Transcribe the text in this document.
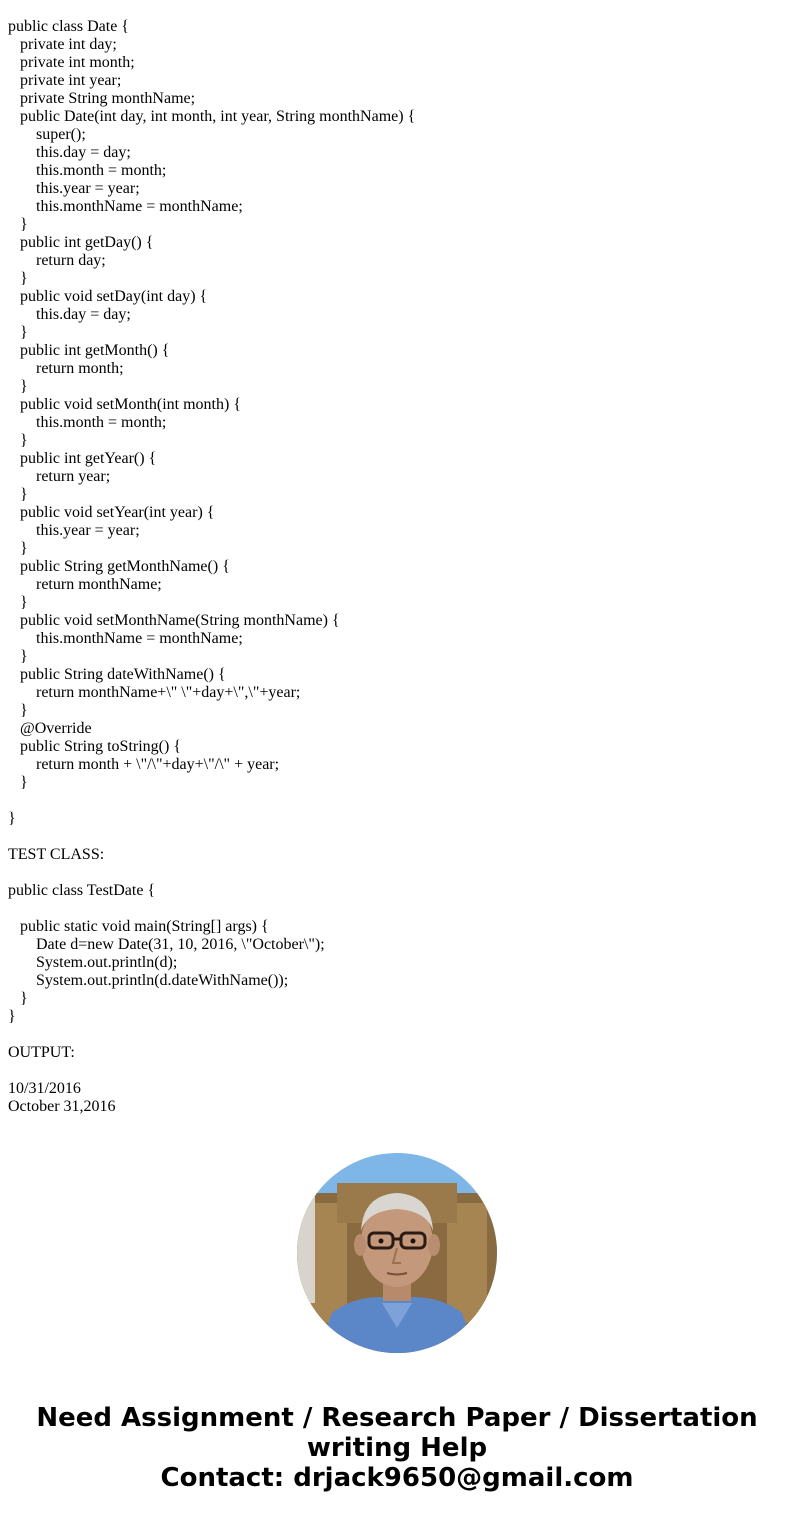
public class Date {
private int day;
private int month;
private int year;
private String monthName;
public Date(int day, int month, int year, String monthName) {
super();
this.day = day;
this.month = month;
this.year = year;
this.monthName = monthName;
}
public int getDay() {
return day;
}
public void setDay(int day) {
this.day = day;
}
public int getMonth() {
return month;
}
public void setMonth(int month) {
this.month = month;
}
public int getYear() {
return year;
}
public void setYear(int year) {
this.year = year;
}
public String getMonthName() {
return monthName;
}
public void setMonthName(String monthName) {
this.monthName = monthName;
}
public String dateWithName() {
return monthName+\" \"+day+\",\"+year;
}
@Override
public String toString() {
return month + \"/\"+day+\"/\" + year;
}
}
TEST CLASS:
public class TestDate {
public static void main(String[] args) {
Date d=new Date(31, 10, 2016, \"October\");
System.out.println(d);
System.out.println(d.dateWithName());
}
}
OUTPUT:
10/31/2016
October 31,2016
Need Assignment / Research Paper / Dissertation
writing Help
Contact: drjack9650@gmail.com
